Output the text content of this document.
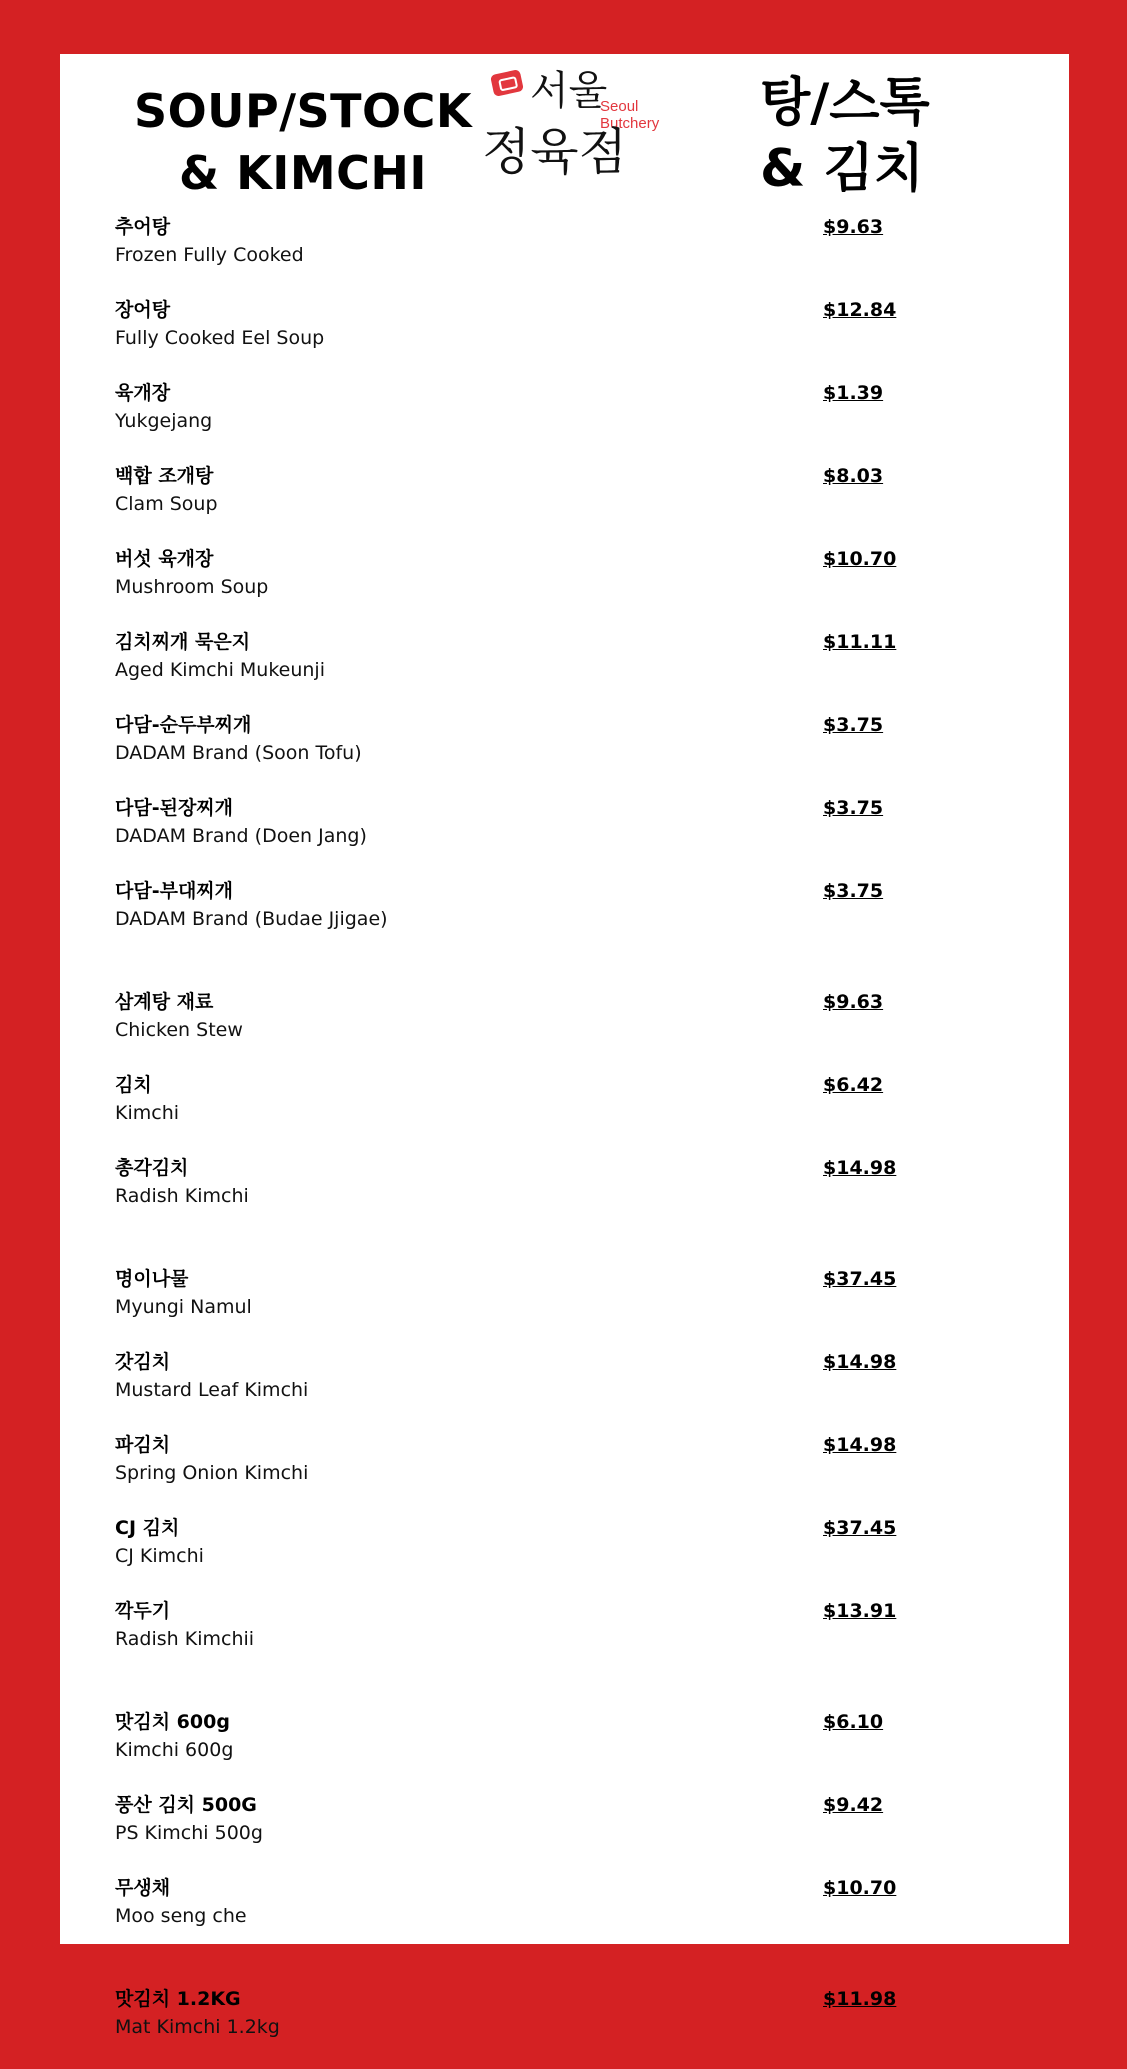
SOUP/STOCK
& KIMCHI
서울
Seoul
Butchery
정육점
탕/스톡
& 김치
추어탕
Frozen Fully Cooked
$9.63
장어탕
Fully Cooked Eel Soup
$12.84
육개장
Yukgejang
$1.39
백합 조개탕
Clam Soup
$8.03
버섯 육개장
Mushroom Soup
$10.70
김치찌개 묵은지
Aged Kimchi Mukeunji
$11.11
다담-순두부찌개
DADAM Brand (Soon Tofu)
$3.75
다담-된장찌개
DADAM Brand (Doen Jang)
$3.75
다담-부대찌개
DADAM Brand (Budae Jjigae)
$3.75
삼계탕 재료
Chicken Stew
$9.63
김치
Kimchi
$6.42
총각김치
Radish Kimchi
$14.98
명이나물
Myungi Namul
$37.45
갓김치
Mustard Leaf Kimchi
$14.98
파김치
Spring Onion Kimchi
$14.98
CJ 김치
CJ Kimchi
$37.45
깍두기
Radish Kimchii
$13.91
맛김치 600g
Kimchi 600g
$6.10
풍산 김치 500G
PS Kimchi 500g
$9.42
무생채
Moo seng che
$10.70
맛김치 1.2KG
Mat Kimchi 1.2kg
$11.98
